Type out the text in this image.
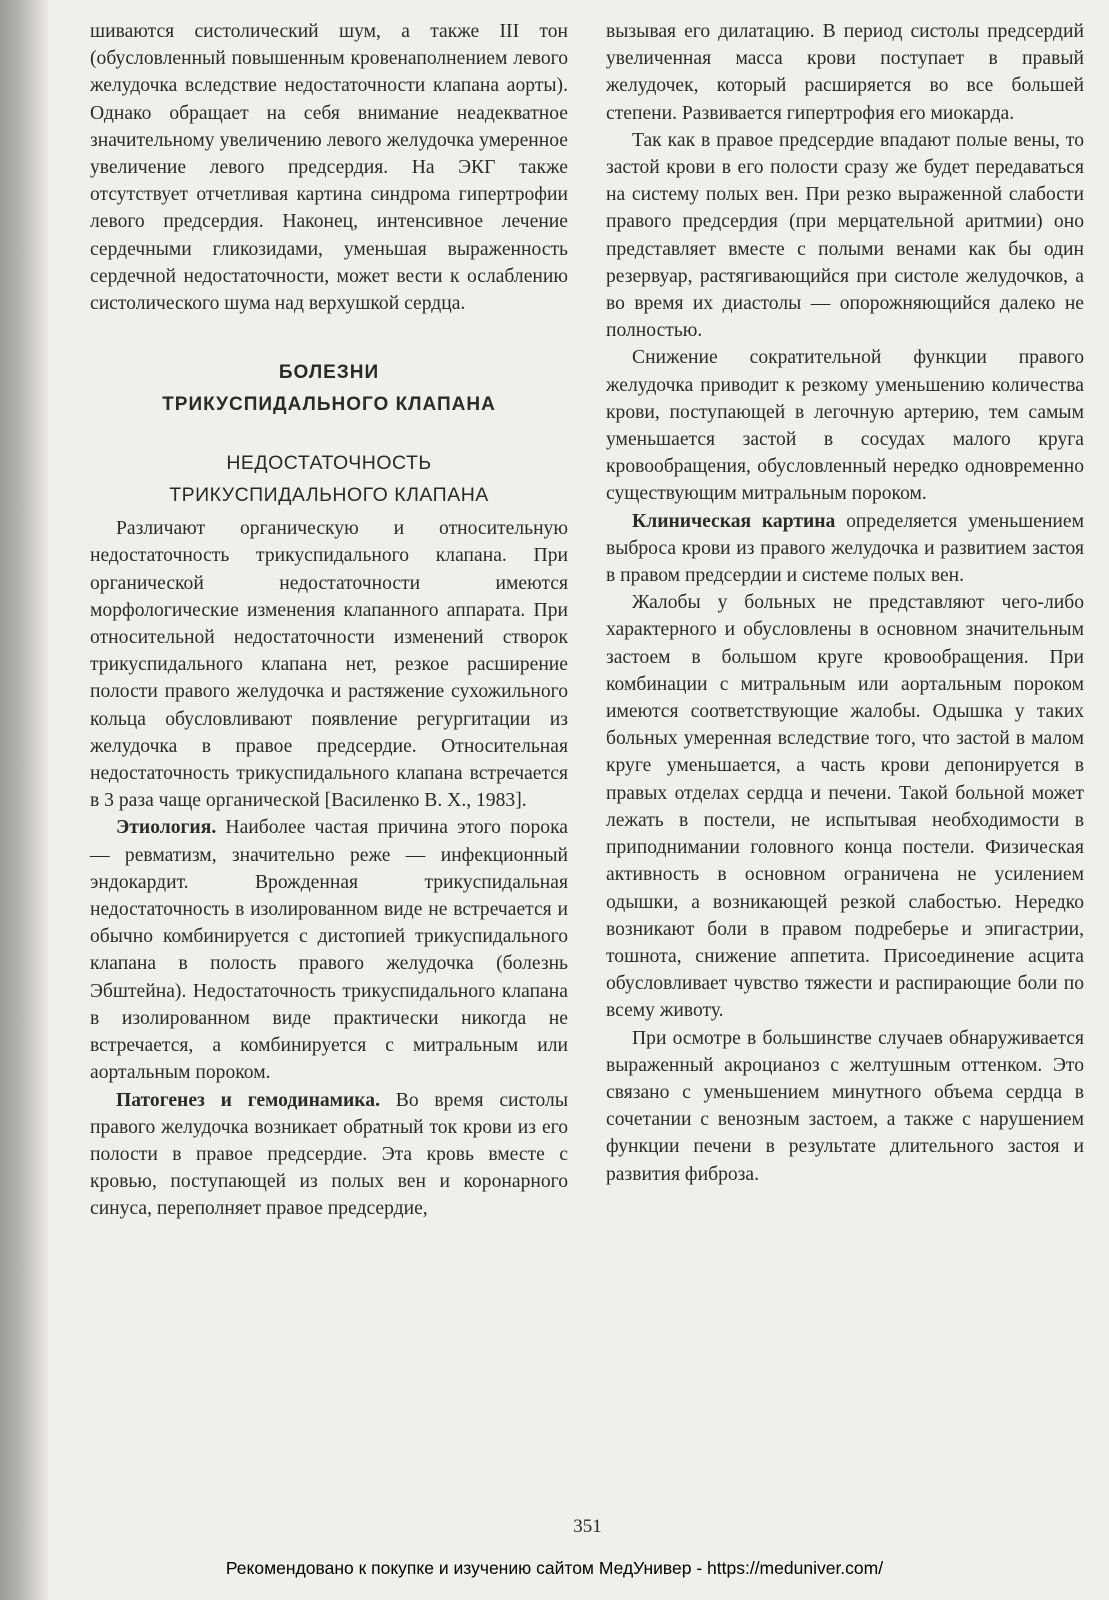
шиваются систолический шум, а также III тон (обусловленный повышенным кровенаполнением левого желудочка вследствие недостаточности клапана аорты). Однако обращает на себя внимание неадекватное значительному увеличению левого желудочка умеренное увеличение левого предсердия. На ЭКГ также отсутствует отчетливая картина синдрома гипертрофии левого предсердия. Наконец, интенсивное лечение сердечными гликозидами, уменьшая выраженность сердечной недостаточности, может вести к ослаблению систолического шума над верхушкой сердца.

БОЛЕЗНИ
ТРИКУСПИДАЛЬНОГО КЛАПАНА
НЕДОСТАТОЧНОСТЬ
ТРИКУСПИДАЛЬНОГО КЛАПАНА

Различают органическую и относительную недостаточность трикуспидального клапана. При органической недостаточности имеются морфологические изменения клапанного аппарата. При относительной недостаточности изменений створок трикуспидального клапана нет, резкое расширение полости правого желудочка и растяжение сухожильного кольца обусловливают появление регургитации из желудочка в правое предсердие. Относительная недостаточность трикуспидального клапана встречается в 3 раза чаще органической [Василенко В. Х., 1983].

Этиология. Наиболее частая причина этого порока — ревматизм, значительно реже — инфекционный эндокардит. Врожденная трикуспидальная недостаточность в изолированном виде не встречается и обычно комбинируется с дистопией трикуспидального клапана в полость правого желудочка (болезнь Эбштейна). Недостаточность трикуспидального клапана в изолированном виде практически никогда не встречается, а комбинируется с митральным или аортальным пороком.

Патогенез и гемодинамика. Во время систолы правого желудочка возникает обратный ток крови из его полости в правое предсердие. Эта кровь вместе с кровью, поступающей из полых вен и коронарного синуса, переполняет правое предсердие,

вызывая его дилатацию. В период систолы предсердий увеличенная масса крови поступает в правый желудочек, который расширяется во все большей степени. Развивается гипертрофия его миокарда.

Так как в правое предсердие впадают полые вены, то застой крови в его полости сразу же будет передаваться на систему полых вен. При резко выраженной слабости правого предсердия (при мерцательной аритмии) оно представляет вместе с полыми венами как бы один резервуар, растягивающийся при систоле желудочков, а во время их диастолы — опорожняющийся далеко не полностью.

Снижение сократительной функции правого желудочка приводит к резкому уменьшению количества крови, поступающей в легочную артерию, тем самым уменьшается застой в сосудах малого круга кровообращения, обусловленный нередко одновременно существующим митральным пороком.

Клиническая картина определяется уменьшением выброса крови из правого желудочка и развитием застоя в правом предсердии и системе полых вен.

Жалобы у больных не представляют чего-либо характерного и обусловлены в основном значительным застоем в большом круге кровообращения. При комбинации с митральным или аортальным пороком имеются соответствующие жалобы. Одышка у таких больных умеренная вследствие того, что застой в малом круге уменьшается, а часть крови депонируется в правых отделах сердца и печени. Такой больной может лежать в постели, не испытывая необходимости в приподнимании головного конца постели. Физическая активность в основном ограничена не усилением одышки, а возникающей резкой слабостью. Нередко возникают боли в правом подреберье и эпигастрии, тошнота, снижение аппетита. Присоединение асцита обусловливает чувство тяжести и распирающие боли по всему животу.

При осмотре в большинстве случаев обнаруживается выраженный акроцианоз с желтушным оттенком. Это связано с уменьшением минутного объема сердца в сочетании с венозным застоем, а также с нарушением функции печени в результате длительного застоя и развития фиброза.

351
Рекомендовано к покупке и изучению сайтом МедУнивер - https://meduniver.com/
